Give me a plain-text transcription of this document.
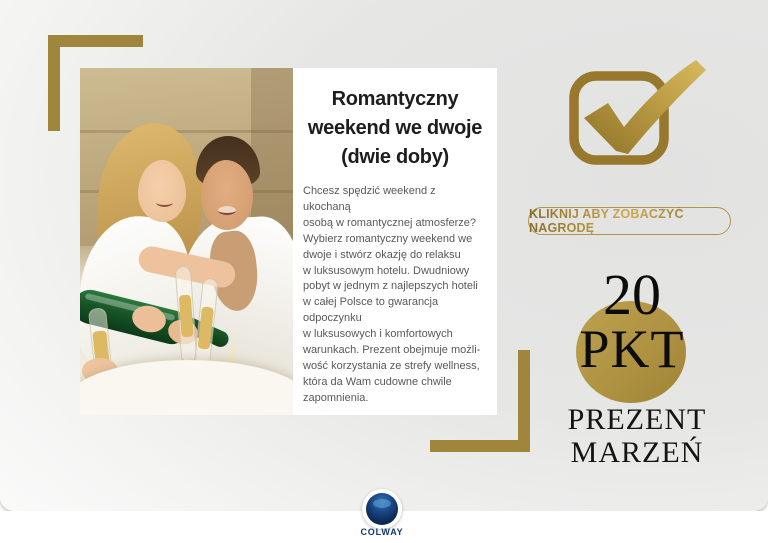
Romantyczny
weekend we dwoje
(dwie doby)
Chcesz spędzić weekend z ukochaną
osobą w romantycznej atmosferze?
Wybierz romantyczny weekend we
dwoje i stwórz okazję do relaksu
w luksusowym hotelu. Dwudniowy
pobyt w jednym z najlepszych hoteli
w całej Polsce to gwarancja odpoczynku
w luksusowych i komfortowych
warunkach. Prezent obejmuje możli-
wość korzystania ze strefy wellness,
która da Wam cudowne chwile
zapomnienia.
KLIKNIJ ABY ZOBACZYĆ NAGRODĘ
20
PKT
PREZENT
MARZEŃ
COLWAY
